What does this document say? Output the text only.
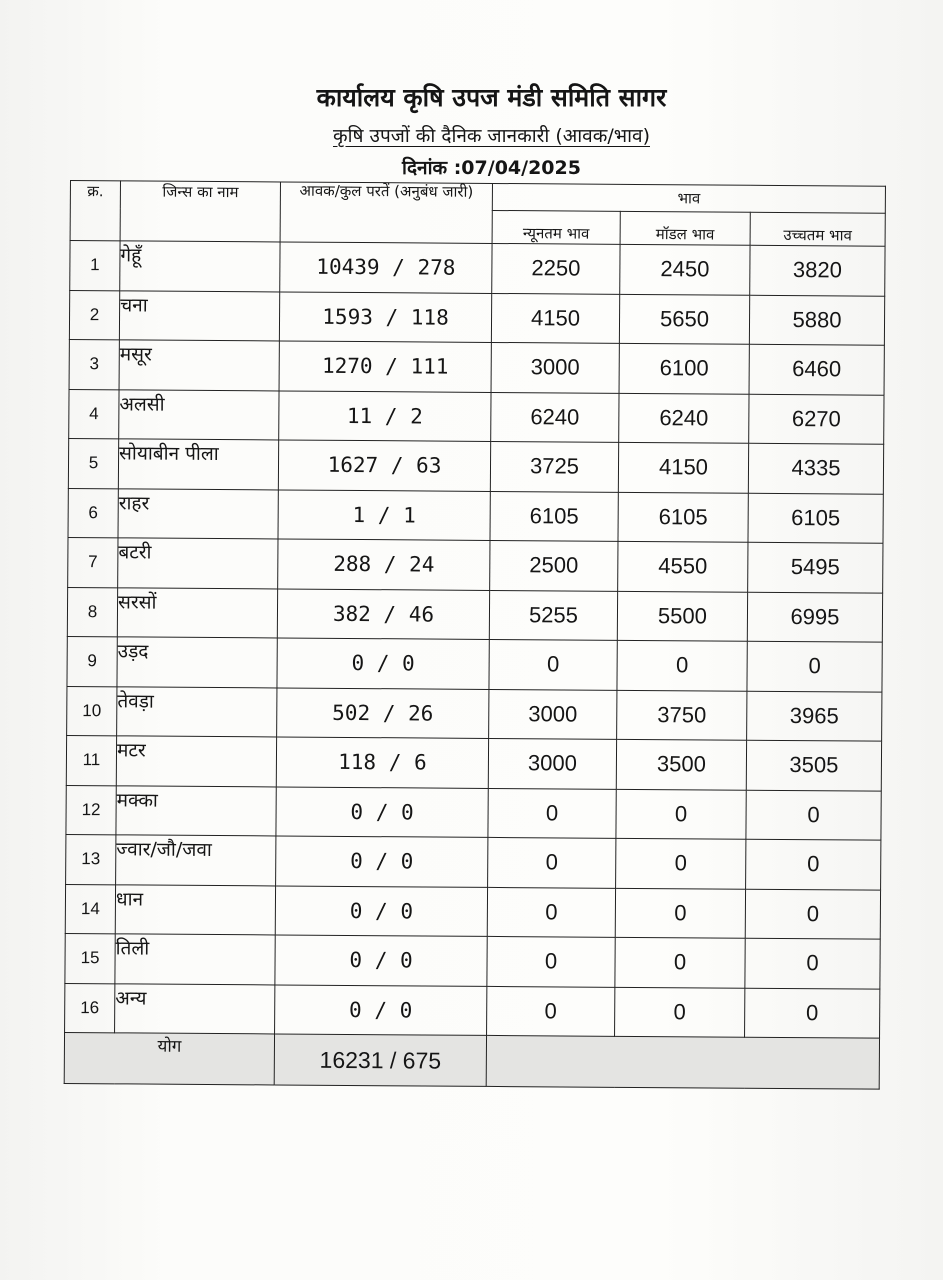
कार्यालय कृषि उपज मंडी समिति सागर
कृषि उपजों की दैनिक जानकारी (आवक/भाव)
दिनांक :07/04/2025
क्र.	जिन्स का नाम	आवक/कुल परतें (अनुबंध जारी)	भाव		
			न्यूनतम भाव	मॉडल भाव	उच्चतम भाव
1	गेहूँ	10439 / 278	2250	2450	3820
2	चना	1593 / 118	4150	5650	5880
3	मसूर	1270 / 111	3000	6100	6460
4	अलसी	11 / 2	6240	6240	6270
5	सोयाबीन पीला	1627 / 63	3725	4150	4335
6	राहर	1 / 1	6105	6105	6105
7	बटरी	288 / 24	2500	4550	5495
8	सरसों	382 / 46	5255	5500	6995
9	उड़द	0 / 0	0	0	0
10	तेवड़ा	502 / 26	3000	3750	3965
11	मटर	118 / 6	3000	3500	3505
12	मक्का	0 / 0	0	0	0
13	ज्वार/जौ/जवा	0 / 0	0	0	0
14	धान	0 / 0	0	0	0
15	तिली	0 / 0	0	0	0
16	अन्य	0 / 0	0	0	0
योग		16231 / 675			
